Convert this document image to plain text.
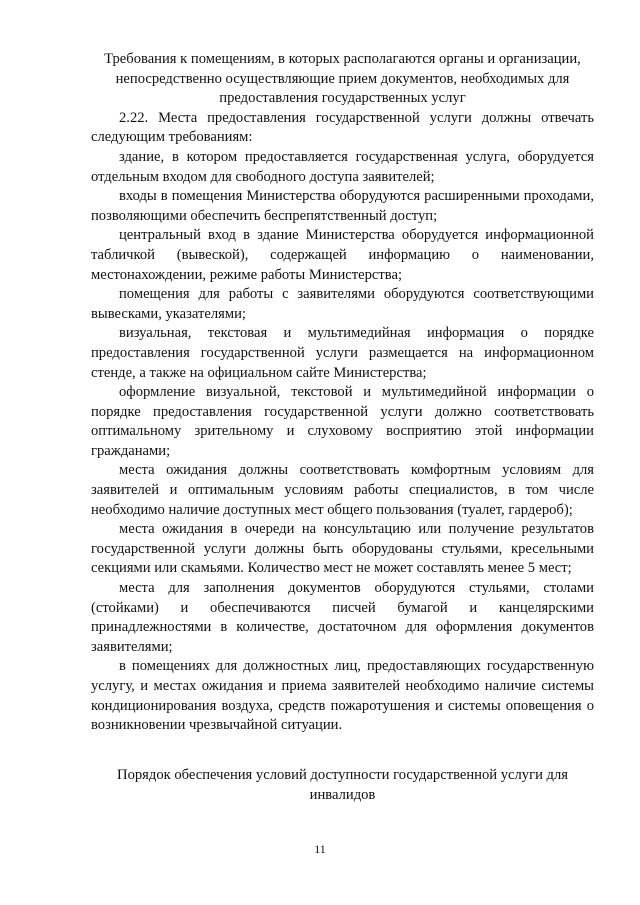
Требования к помещениям, в которых располагаются органы и организации, непосредственно осуществляющие прием документов, необходимых для предоставления государственных услуг

2.22. Места предоставления государственной услуги должны отвечать следующим требованиям:

здание, в котором предоставляется государственная услуга, оборудуется отдельным входом для свободного доступа заявителей;

входы в помещения Министерства оборудуются расширенными проходами, позволяющими обеспечить беспрепятственный доступ;

центральный вход в здание Министерства оборудуется информационной табличкой (вывеской), содержащей информацию о наименовании, местонахождении, режиме работы Министерства;

помещения для работы с заявителями оборудуются соответствующими вывесками, указателями;

визуальная, текстовая и мультимедийная информация о порядке предоставления государственной услуги размещается на информационном стенде, а также на официальном сайте Министерства;

оформление визуальной, текстовой и мультимедийной информации о порядке предоставления государственной услуги должно соответствовать оптимальному зрительному и слуховому восприятию этой информации гражданами;

места ожидания должны соответствовать комфортным условиям для заявителей и оптимальным условиям работы специалистов, в том числе необходимо наличие доступных мест общего пользования (туалет, гардероб);

места ожидания в очереди на консультацию или получение результатов государственной услуги должны быть оборудованы стульями, кресельными секциями или скамьями. Количество мест не может составлять менее 5 мест;

места для заполнения документов оборудуются стульями, столами (стойками) и обеспечиваются писчей бумагой и канцелярскими принадлежностями в количестве, достаточном для оформления документов заявителями;

в помещениях для должностных лиц, предоставляющих государственную услугу, и местах ожидания и приема заявителей необходимо наличие системы кондиционирования воздуха, средств пожаротушения и системы оповещения о возникновении чрезвычайной ситуации.

Порядок обеспечения условий доступности государственной услуги для инвалидов

11
